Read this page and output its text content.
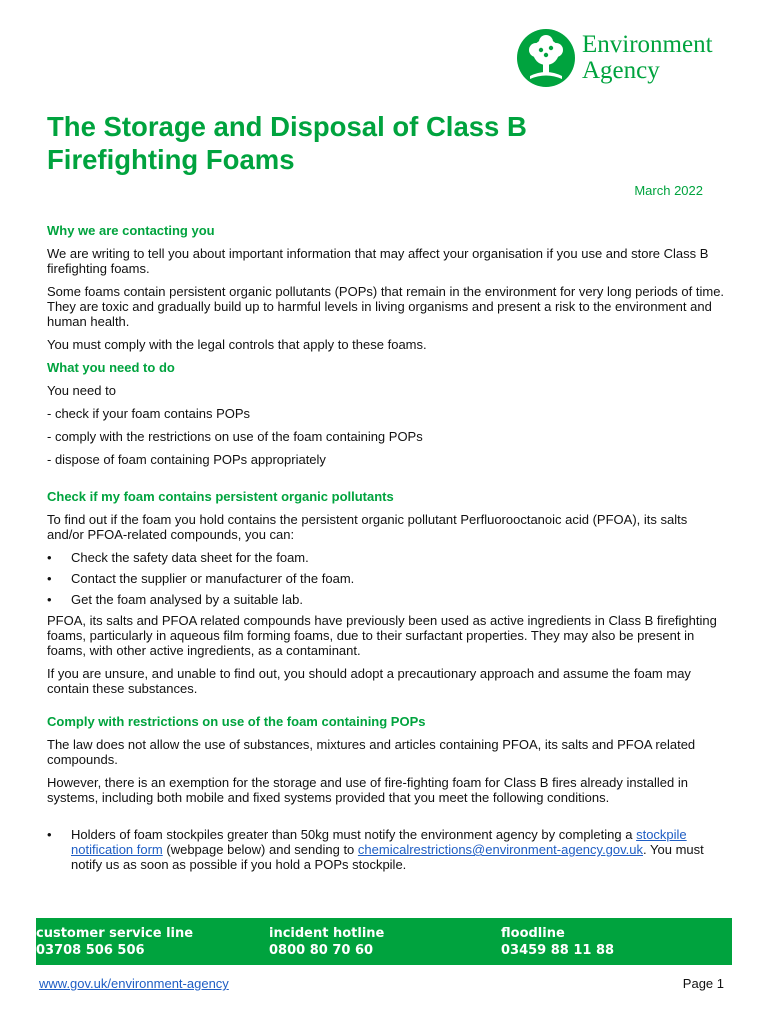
Environment
Agency
The Storage and Disposal of Class B
Firefighting Foams
March 2022
Why we are contacting you

We are writing to tell you about important information that may affect your organisation if you use and store Class B firefighting foams.

Some foams contain persistent organic pollutants (POPs) that remain in the environment for very long periods of time. They are toxic and gradually build up to harmful levels in living organisms and present a risk to the environment and human health.

You must comply with the legal controls that apply to these foams.

What you need to do

You need to

- check if your foam contains POPs

- comply with the restrictions on use of the foam containing POPs

- dispose of foam containing POPs appropriately

Check if my foam contains persistent organic pollutants

To find out if the foam you hold contains the persistent organic pollutant Perfluorooctanoic acid (PFOA), its salts and/or PFOA-related compounds, you can:

• Check the safety data sheet for the foam.
• Contact the supplier or manufacturer of the foam.
• Get the foam analysed by a suitable lab.

PFOA, its salts and PFOA related compounds have previously been used as active ingredients in Class B firefighting foams, particularly in aqueous film forming foams, due to their surfactant properties. They may also be present in foams, with other active ingredients, as a contaminant.

If you are unsure, and unable to find out, you should adopt a precautionary approach and assume the foam may contain these substances.

Comply with restrictions on use of the foam containing POPs

The law does not allow the use of substances, mixtures and articles containing PFOA, its salts and PFOA related compounds.

However, there is an exemption for the storage and use of fire-fighting foam for Class B fires already installed in systems, including both mobile and fixed systems provided that you meet the following conditions.

• Holders of foam stockpiles greater than 50kg must notify the environment agency by completing a stockpile notification form (webpage below) and sending to chemicalrestrictions@environment-agency.gov.uk. You must notify us as soon as possible if you hold a POPs stockpile.
customer service line
03708 506 506
incident hotline
0800 80 70 60
floodline
03459 88 11 88
www.gov.uk/environment-agency	Page 1
